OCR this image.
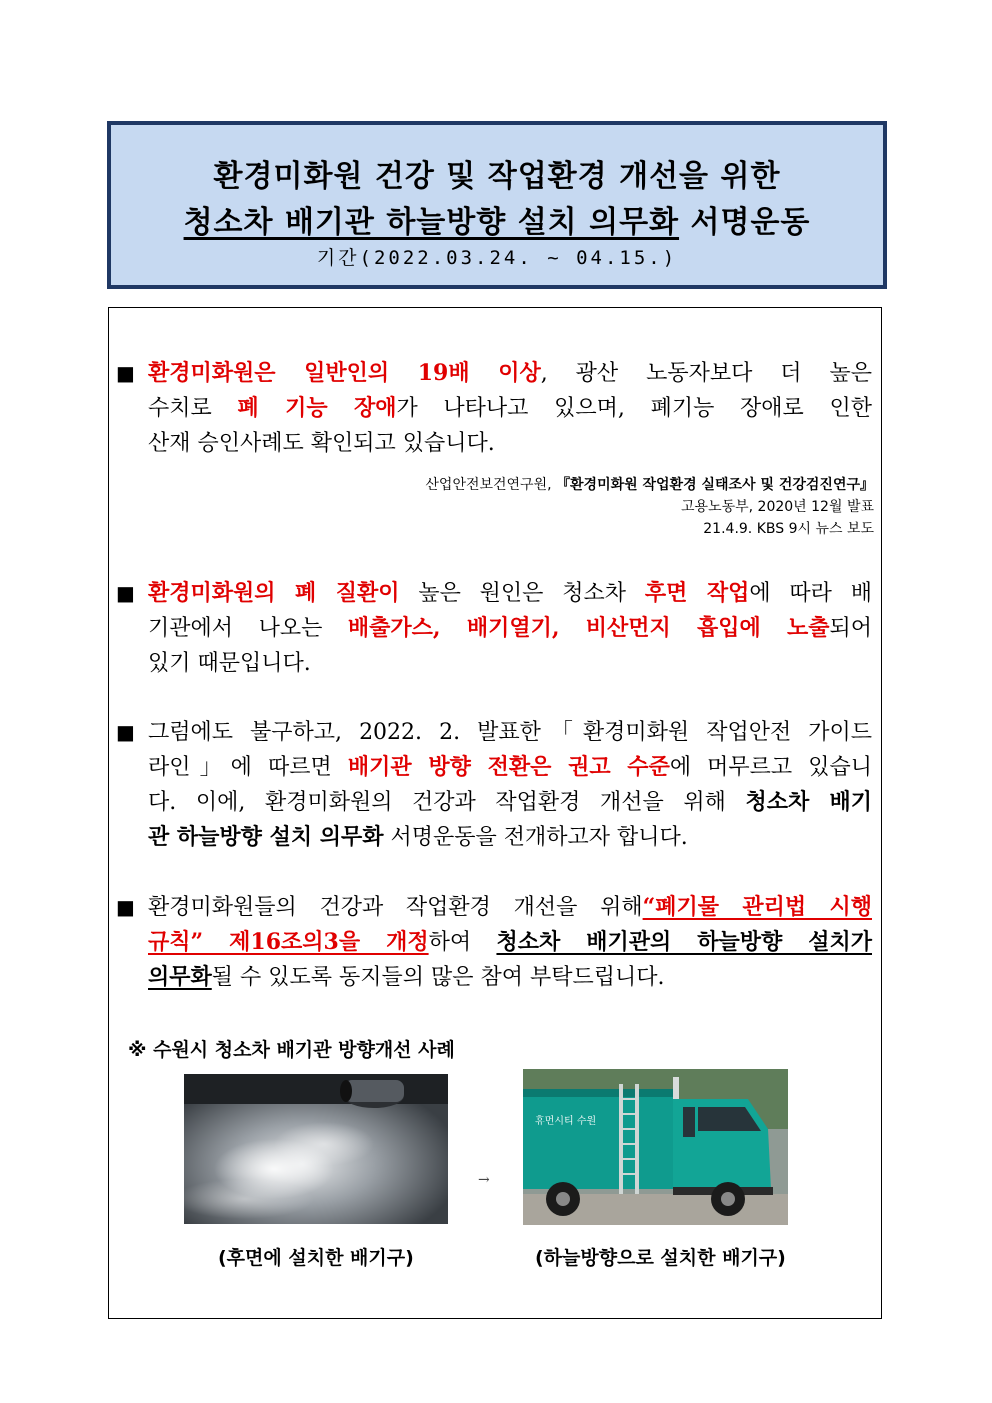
환경미화원 건강 및 작업환경 개선을 위한
청소차 배기관 하늘방향 설치 의무화 서명운동
기간(2022.03.24. ~ 04.15.)
■ 환경미화원은 일반인의 19배 이상, 광산 노동자보다 더 높은
수치로 폐 기능 장애가 나타나고 있으며, 폐기능 장애로 인한
산재 승인사례도 확인되고 있습니다.
산업안전보건연구원, 『환경미화원 작업환경 실태조사 및 건강검진연구』
고용노동부, 2020년 12월 발표
21.4.9. KBS 9시 뉴스 보도
■ 환경미화원의 폐 질환이 높은 원인은 청소차 후면 작업에 따라 배
기관에서 나오는 배출가스, 배기열기, 비산먼지 흡입에 노출되어
있기 때문입니다.
■ 그럼에도 불구하고, 2022. 2. 발표한「환경미화원 작업안전 가이드
라인」에 따르면 배기관 방향 전환은 권고 수준에 머무르고 있습니
다. 이에, 환경미화원의 건강과 작업환경 개선을 위해 청소차 배기
관 하늘방향 설치 의무화 서명운동을 전개하고자 합니다.
■ 환경미화원들의 건강과 작업환경 개선을 위해“폐기물 관리법 시행
규칙” 제16조의3을 개정하여 청소차 배기관의 하늘방향 설치가
의무화될 수 있도록 동지들의 많은 참여 부탁드립니다.
※ 수원시 청소차 배기관 방향개선 사례
→
휴먼시티 수원
(후면에 설치한 배기구)	(하늘방향으로 설치한 배기구)
